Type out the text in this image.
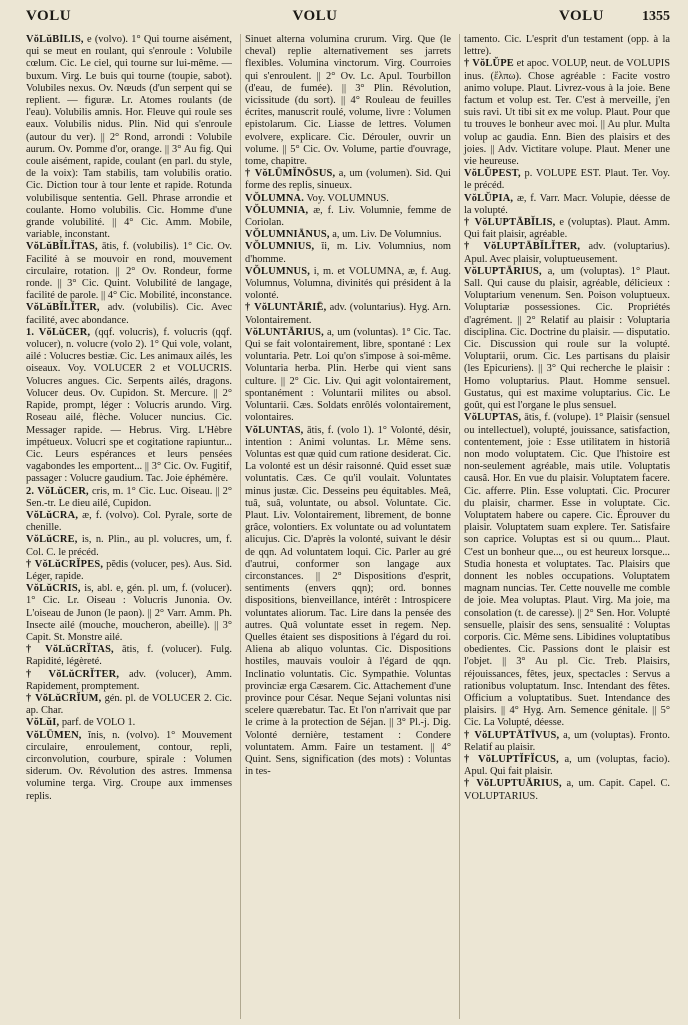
VOLU	VOLU	VOLU	1355

VŏLŭBĬLIS, e (volvo). 1° Qui tourne aisément, qui se meut en roulant, qui s'enroule : Volubile cœlum. Cic. Le ciel, qui tourne sur lui-même. — buxum. Virg. Le buis qui tourne (toupie, sabot). Volubiles nexus. Ov. Nœuds (d'un serpent qui se replient. — figuræ. Lr. Atomes roulants (de l'eau). Volubilis amnis. Hor. Fleuve qui roule ses eaux. Volubilis nidus. Plin. Nid qui s'enroule (autour du ver). || 2° Rond, arrondi : Volubile aurum. Ov. Pomme d'or, orange. || 3° Au fig. Qui coule aisément, rapide, coulant (en parl. du style, de la voix): Tam stabilis, tam volubilis oratio. Cic. Diction tour à tour lente et rapide. Rotunda volubilisque sententia. Gell. Phrase arrondie et coulante. Homo volubilis. Cic. Homme d'une grande volubilité. || 4° Cic. Amm. Mobile, variable, inconstant.

VŏLŭBĬLĬTAS, ātis, f. (volubilis). 1° Cic. Ov. Facilité à se mouvoir en rond, mouvement circulaire, rotation. || 2° Ov. Rondeur, forme ronde. || 3° Cic. Quint. Volubilité de langage, facilité de parole. || 4° Cic. Mobilité, inconstance.

VŏLŭBĬLĬTER, adv. (volubilis). Cic. Avec facilité, avec abondance.

1. VŏLŭCER, (qqf. volucris), f. volucris (qqf. volucer), n. volucre (volo 2). 1° Qui vole, volant, ailé : Volucres bestiæ. Cic. Les animaux ailés, les oiseaux. Voy. VOLUCER 2 et VOLUCRIS. Volucres angues. Cic. Serpents ailés, dragons. Volucer deus. Ov. Cupidon. St. Mercure. || 2° Rapide, prompt, léger : Volucris arundo. Virg. Roseau ailé, flèche. Volucer nuncius. Cic. Messager rapide. — Hebrus. Virg. L'Hèbre impétueux. Volucri spe et cogitatione rapiuntur... Cic. Leurs espérances et leurs pensées vagabondes les emportent... || 3° Cic. Ov. Fugitif, passager : Volucre gaudium. Tac. Joie éphémère.

2. VŏLŭCER, cris, m. 1° Cic. Luc. Oiseau. || 2° Sen.-tr. Le dieu ailé, Cupidon.

VŏLŭCRA, æ, f. (volvo). Col. Pyrale, sorte de chenille.

VŏLŭCRE, is, n. Plin., au pl. volucres, um, f. Col. C. le précéd.

† VŏLŭCRĬPES, pĕdis (volucer, pes). Aus. Sid. Léger, rapide.

VŏLŭCRIS, is, abl. e, gén. pl. um, f. (volucer). 1° Cic. Lr. Oiseau : Volucris Junonia. Ov. L'oiseau de Junon (le paon). || 2° Varr. Amm. Ph. Insecte ailé (mouche, moucheron, abeille). || 3° Capit. St. Monstre ailé.

† VŏLŭCRĬTAS, ātis, f. (volucer). Fulg. Rapidité, légèreté.

† VŏLŭCRĬTER, adv. (volucer), Amm. Rapidement, promptement.

† VŏLŭCRĬUM, gén. pl. de VOLUCER 2. Cic. ap. Char.

VŏLŭI, parf. de VOLO 1.

VŏLŪMEN, ĭnis, n. (volvo). 1° Mouvement circulaire, enroulement, contour, repli, circonvolution, courbure, spirale : Volumen siderum. Ov. Révolution des astres. Immensa volumine terga. Virg. Croupe aux immenses replis.

Sinuet alterna volumina crurum. Virg. Que (le cheval) replie alternativement ses jarrets flexibles. Volumina vinctorum. Virg. Courroies qui s'enroulent. || 2° Ov. Lc. Apul. Tourbillon (d'eau, de fumée). || 3° Plin. Révolution, vicissitude (du sort). || 4° Rouleau de feuilles écrites, manuscrit roulé, volume, livre : Volumen epistolarum. Cic. Liasse de lettres. Volumen evolvere, explicare. Cic. Dérouler, ouvrir un volume. || 5° Cic. Ov. Volume, partie d'ouvrage, tome, chapitre.

† VŏLŪMĬNŌSUS, a, um (volumen). Sid. Qui forme des replis, sinueux.

VŎLUMNA. Voy. VOLUMNUS.

VŎLUMNIA, æ, f. Liv. Volumnie, femme de Coriolan.

VŎLUMNIĀNUS, a, um. Liv. De Volumnius.

VŎLUMNIUS, ĭi, m. Liv. Volumnius, nom d'homme.

VŎLUMNUS, i, m. et VOLUMNA, æ, f. Aug. Volumnus, Volumna, divinités qui président à la volonté.

† VŏLUNTĀRIĒ, adv. (voluntarius). Hyg. Arn. Volontairement.

VŏLUNTĀRIUS, a, um (voluntas). 1° Cic. Tac. Qui se fait volontairement, libre, spontané : Lex voluntaria. Petr. Loi qu'on s'impose à soi-même. Voluntaria herba. Plin. Herbe qui vient sans culture. || 2° Cic. Liv. Qui agit volontairement, spontanément : Voluntarii milites ou absol. Voluntarii. Cæs. Soldats enrôlés volontairement, volontaires.

VŏLUNTAS, ātis, f. (volo 1). 1° Volonté, désir, intention : Animi voluntas. Lr. Même sens. Voluntas est quæ quid cum ratione desiderat. Cic. La volonté est un désir raisonné. Quid esset suæ voluntatis. Cæs. Ce qu'il voulait. Voluntates minus justæ. Cic. Desseins peu équitables. Meâ, tuâ, suâ, voluntate, ou absol. Voluntate. Cic. Plaut. Liv. Volontairement, librement, de bonne grâce, volontiers. Ex voluntate ou ad voluntatem alicujus. Cic. D'après la volonté, suivant le désir de qqn. Ad voluntatem loqui. Cic. Parler au gré d'autrui, conformer son langage aux circonstances. || 2° Dispositions d'esprit, sentiments (envers qqn); ord. bonnes dispositions, bienveillance, intérêt : Introspicere voluntates aliorum. Tac. Lire dans la pensée des autres. Quâ voluntate esset in regem. Nep. Quelles étaient ses dispositions à l'égard du roi. Aliena ab aliquo voluntas. Cic. Dispositions hostiles, mauvais vouloir à l'égard de qqn. Inclinatio voluntatis. Cic. Sympathie. Voluntas provinciæ erga Cæsarem. Cic. Attachement d'une province pour César. Neque Sejani voluntas nisi scelere quærebatur. Tac. Et l'on n'arrivait que par le crime à la protection de Séjan. || 3° Pl.-j. Dig. Volonté dernière, testament : Condere voluntatem. Amm. Faire un testament. || 4° Quint. Sens, signification (des mots) : Voluntas in tes-

tamento. Cic. L'esprit d'un testament (opp. à la lettre).

† VŏLŬPE et apoc. VOLUP, neut. de VOLUPIS inus. (ἔλπω). Chose agréable : Facite vostro animo volupe. Plaut. Livrez-vous à la joie. Bene factum et volup est. Ter. C'est à merveille, j'en suis ravi. Ut tibi sit ex me volup. Plaut. Pour que tu trouves le bonheur avec moi. || Au plur. Multa volup ac gaudia. Enn. Bien des plaisirs et des joies. || Adv. Victitare volupe. Plaut. Mener une vie heureuse.

VŏLŬPEST, p. VOLUPE EST. Plaut. Ter. Voy. le précéd.

VŏLŬPIA, æ, f. Varr. Macr. Volupie, déesse de la volupté.

† VŏLUPTĀBĬLIS, e (voluptas). Plaut. Amm. Qui fait plaisir, agréable.

† VŏLUPTĀBĬLĬTER, adv. (voluptarius). Apul. Avec plaisir, voluptueusement.

VŏLUPTĀRIUS, a, um (voluptas). 1° Plaut. Sall. Qui cause du plaisir, agréable, délicieux : Voluptarium venenum. Sen. Poison voluptueux. Voluptariæ possessiones. Cic. Propriétés d'agrément. || 2° Relatif au plaisir : Voluptaria disciplina. Cic. Doctrine du plaisir. — disputatio. Cic. Discussion qui roule sur la volupté. Voluptarii, orum. Cic. Les partisans du plaisir (les Epicuriens). || 3° Qui recherche le plaisir : Homo voluptarius. Plaut. Homme sensuel. Gustatus, qui est maxime voluptarius. Cic. Le goût, qui est l'organe le plus sensuel.

VŏLUPTAS, ātis, f. (volupe). 1° Plaisir (sensuel ou intellectuel), volupté, jouissance, satisfaction, contentement, joie : Esse utilitatem in historiâ non modo voluptatem. Cic. Que l'histoire est non-seulement agréable, mais utile. Voluptatis causâ. Hor. En vue du plaisir. Voluptatem facere. Cic. afferre. Plin. Esse voluptati. Cic. Procurer du plaisir, charmer. Esse in voluptate. Cic. Voluptatem habere ou capere. Cic. Éprouver du plaisir. Voluptatem suam explere. Ter. Satisfaire son caprice. Voluptas est si ou quum... Plaut. C'est un bonheur que..., ou est heureux lorsque... Studia honesta et voluptates. Tac. Plaisirs que donnent les nobles occupations. Voluptatem magnam nuncias. Ter. Cette nouvelle me comble de joie. Mea voluptas. Plaut. Virg. Ma joie, ma consolation (t. de caresse). || 2° Sen. Hor. Volupté sensuelle, plaisir des sens, sensualité : Voluptas corporis. Cic. Même sens. Libidines voluptatibus obedientes. Cic. Passions dont le plaisir est l'objet. || 3° Au pl. Cic. Treb. Plaisirs, réjouissances, fêtes, jeux, spectacles : Servus a rationibus voluptatum. Insc. Intendant des fêtes. Officium a voluptatibus. Suet. Intendance des plaisirs. || 4° Hyg. Arn. Semence génitale. || 5° Cic. La Volupté, déesse.

† VŏLUPTĀTĪVUS, a, um (voluptas). Fronto. Relatif au plaisir.

† VŏLUPTĬFĬCUS, a, um (voluptas, facio). Apul. Qui fait plaisir.

† VŏLUPTUĀRIUS, a, um. Capit. Capel. C. VOLUPTARIUS.
